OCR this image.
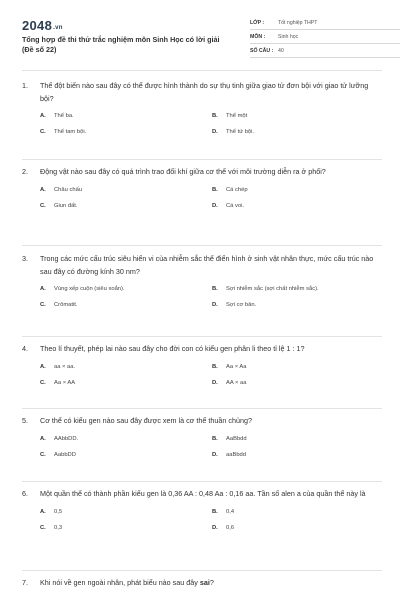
2048.vn
Tổng hợp đề thi thử trắc nghiệm môn Sinh Học có lời giải
(Đề số 22)
LỚP :	Tốt nghiệp THPT
MÔN :	Sinh học
SỐ CÂU : 40
1. Thể đột biến nào sau đây có thể được hình thành do sự thụ tinh giữa giao tử đơn bội với giao tử lưỡng bội?
A.	Thể ba.	B.	Thể một
C.	Thể tam bội.	D.	Thể tứ bội.
2. Động vật nào sau đây có quá trình trao đổi khí giữa cơ thể với môi trường diễn ra ở phổi?
A.	Châu chấu	B.	Cá chép
C.	Giun đất.	D.	Cá voi.
3. Trong các mức cấu trúc siêu hiển vi của nhiễm sắc thể điển hình ở sinh vật nhân thực, mức cấu trúc nào sau đây có đường kính 30 nm?
A.	Vùng xếp cuộn (siêu xoắn).	B.	Sợi nhiễm sắc (sợi chất nhiễm sắc).
C.	Crômatit.	D.	Sợi cơ bản.
4. Theo lí thuyết, phép lai nào sau đây cho đời con có kiểu gen phân li theo tỉ lệ 1 : 1?
A.	aa × aa.	B.	Aa × Aa
C.	Aa × AA	D.	AA × aa
5. Cơ thể có kiểu gen nào sau đây được xem là cơ thể thuần chủng?
A.	AAbbDD.	B.	AaBbdd
C.	AabbDD	D.	aaBbdd
6. Một quần thể có thành phần kiểu gen là 0,36 AA : 0,48 Aa : 0,16 aa. Tần số alen a của quần thể này là
A.	0,5	B.	0,4
C.	0,3	D.	0,6
7. Khi nói về gen ngoài nhân, phát biểu nào sau đây sai?
